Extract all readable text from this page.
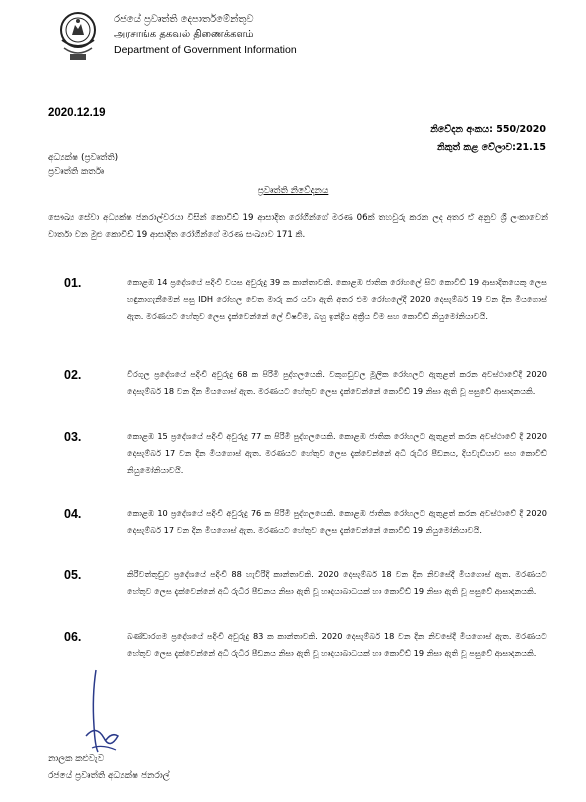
රජයේ ප්‍රවෘත්ති දෙපාර්තමේන්තුව
அரசாங்க தகவல் திணைக்களம்
Department of Government Information
2020.12.19
නිවේදන අංකය: 550/2020
නිකුත් කළ වේලාව:21.15
අධ්‍යක්ෂ (ප්‍රවෘත්ති)
ප්‍රවෘත්ති කර්තෘ
ප්‍රවෘත්ති නිවේදනය
සෞඛ්‍ය සේවා අධ්‍යක්ෂ ජනරාල්වරයා විසින් කොවිඩ් 19 ආසාදිත රෝගීන්ගේ මරණ 06ක් තහවුරු කරන ලද අතර ඒ අනුව ශ්‍රී ලංකාවෙන් වාර්තා වන මුළු කොවිඩ් 19 ආසාදිත රෝගීන්ගේ මරණ සංඛ්‍යාව 171 කි.
01.	කොළඹ 14 ප්‍රදේශයේ පදිංචි වයස අවුරුදු 39 ක කාන්තාවකි. කොළඹ ජාතික රෝහලේ සිට කොවිඩ් 19 ආසාදිතයෙකු ලෙස හඳුනාගැනීමෙන් පසු IDH රෝහල වෙත මාරු කර යවා ඇති අතර එම රෝහලේදී 2020 දෙසැම්බර් 19 වන දින මියගොස් ඇත. මරණයට හේතුව ලෙස දැක්වෙන්නේ ලේ විෂවීම, බහු ඉන්ද්‍රිය අක්‍රීය වීම සහ කොවිඩ් නියුමෝනියාවයි.
02.	වීරගුල ප්‍රදේශයේ පදිංචි අවුරුදු 68 ක පිරිමි පුද්ගලයෙකි. වකුගඩුවල මූලික රෝහලට ඇතුළත් කරන අවස්ථාවේදී 2020 දෙසැම්බර් 18 වන දින මියගොස් ඇත. මරණයට හේතුව ලෙස දැක්වෙන්නේ කොවිඩ් 19 නිසා ඇති වූ පසුවේ ආසාදනයකි.
03.	කොළඹ 15 ප්‍රදේශයේ පදිංචි අවුරුදු 77 ක පිරිමි පුද්ගලයෙකි. කොළඹ ජාතික රෝහලට ඇතුළත් කරන අවස්ථාවේ දී 2020 දෙසැම්බර් 17 වන දින මියගොස් ඇත. මරණයට හේතුව ලෙස දැක්වෙන්නේ අධි රුධිර පීඩනය, දියවැඩියාව සහ කොවිඩ් නියුමෝනියාවයි.
04.	කොළඹ 10 ප්‍රදේශයේ පදිංචි අවුරුදු 76 ක පිරිමි පුද්ගලයෙකි. කොළඹ ජාතික රෝහලට ඇතුළත් කරන අවස්ථාවේ දී 2020 දෙසැම්බර් 17 වන දින මියගොස් ඇත. මරණයට හේතුව ලෙස දැක්වෙන්නේ කොවිඩ් 19 නියුමෝනියාවයි.
05.	කිරිවත්තුඩුව ප්‍රදේශයේ පදිංචි 88 හැවිරිදි කාන්තාවකි. 2020 දෙසැම්බර් 18 වන දින නිවසේදී මියගොස් ඇත. මරණයට හේතුව ලෙස දැක්වෙන්නේ අධි රුධිර පීඩනය නිසා ඇති වූ හෘදයාබාධයක් හා කොවිඩ් 19 නිසා ඇති වූ පසුවේ ආසාදනයකි.
06.	බණ්ඩාරගම ප්‍රදේශයේ පදිංචි අවුරුදු 83 ක කාන්තාවකි. 2020 දෙසැම්බර් 18 වන දින නිවසේදී මියගොස් ඇත. මරණයට හේතුව ලෙස දැක්වෙන්නේ අධි රුධිර පීඩනය නිසා ඇති වූ හෘදයාබාධයක් හා කොවිඩ් 19 නිසා ඇති වූ පසුවේ ආසාදනයකි.
නාලක කළුවැව
රජයේ ප්‍රවෘත්ති අධ්‍යක්ෂ ජනරාල්
